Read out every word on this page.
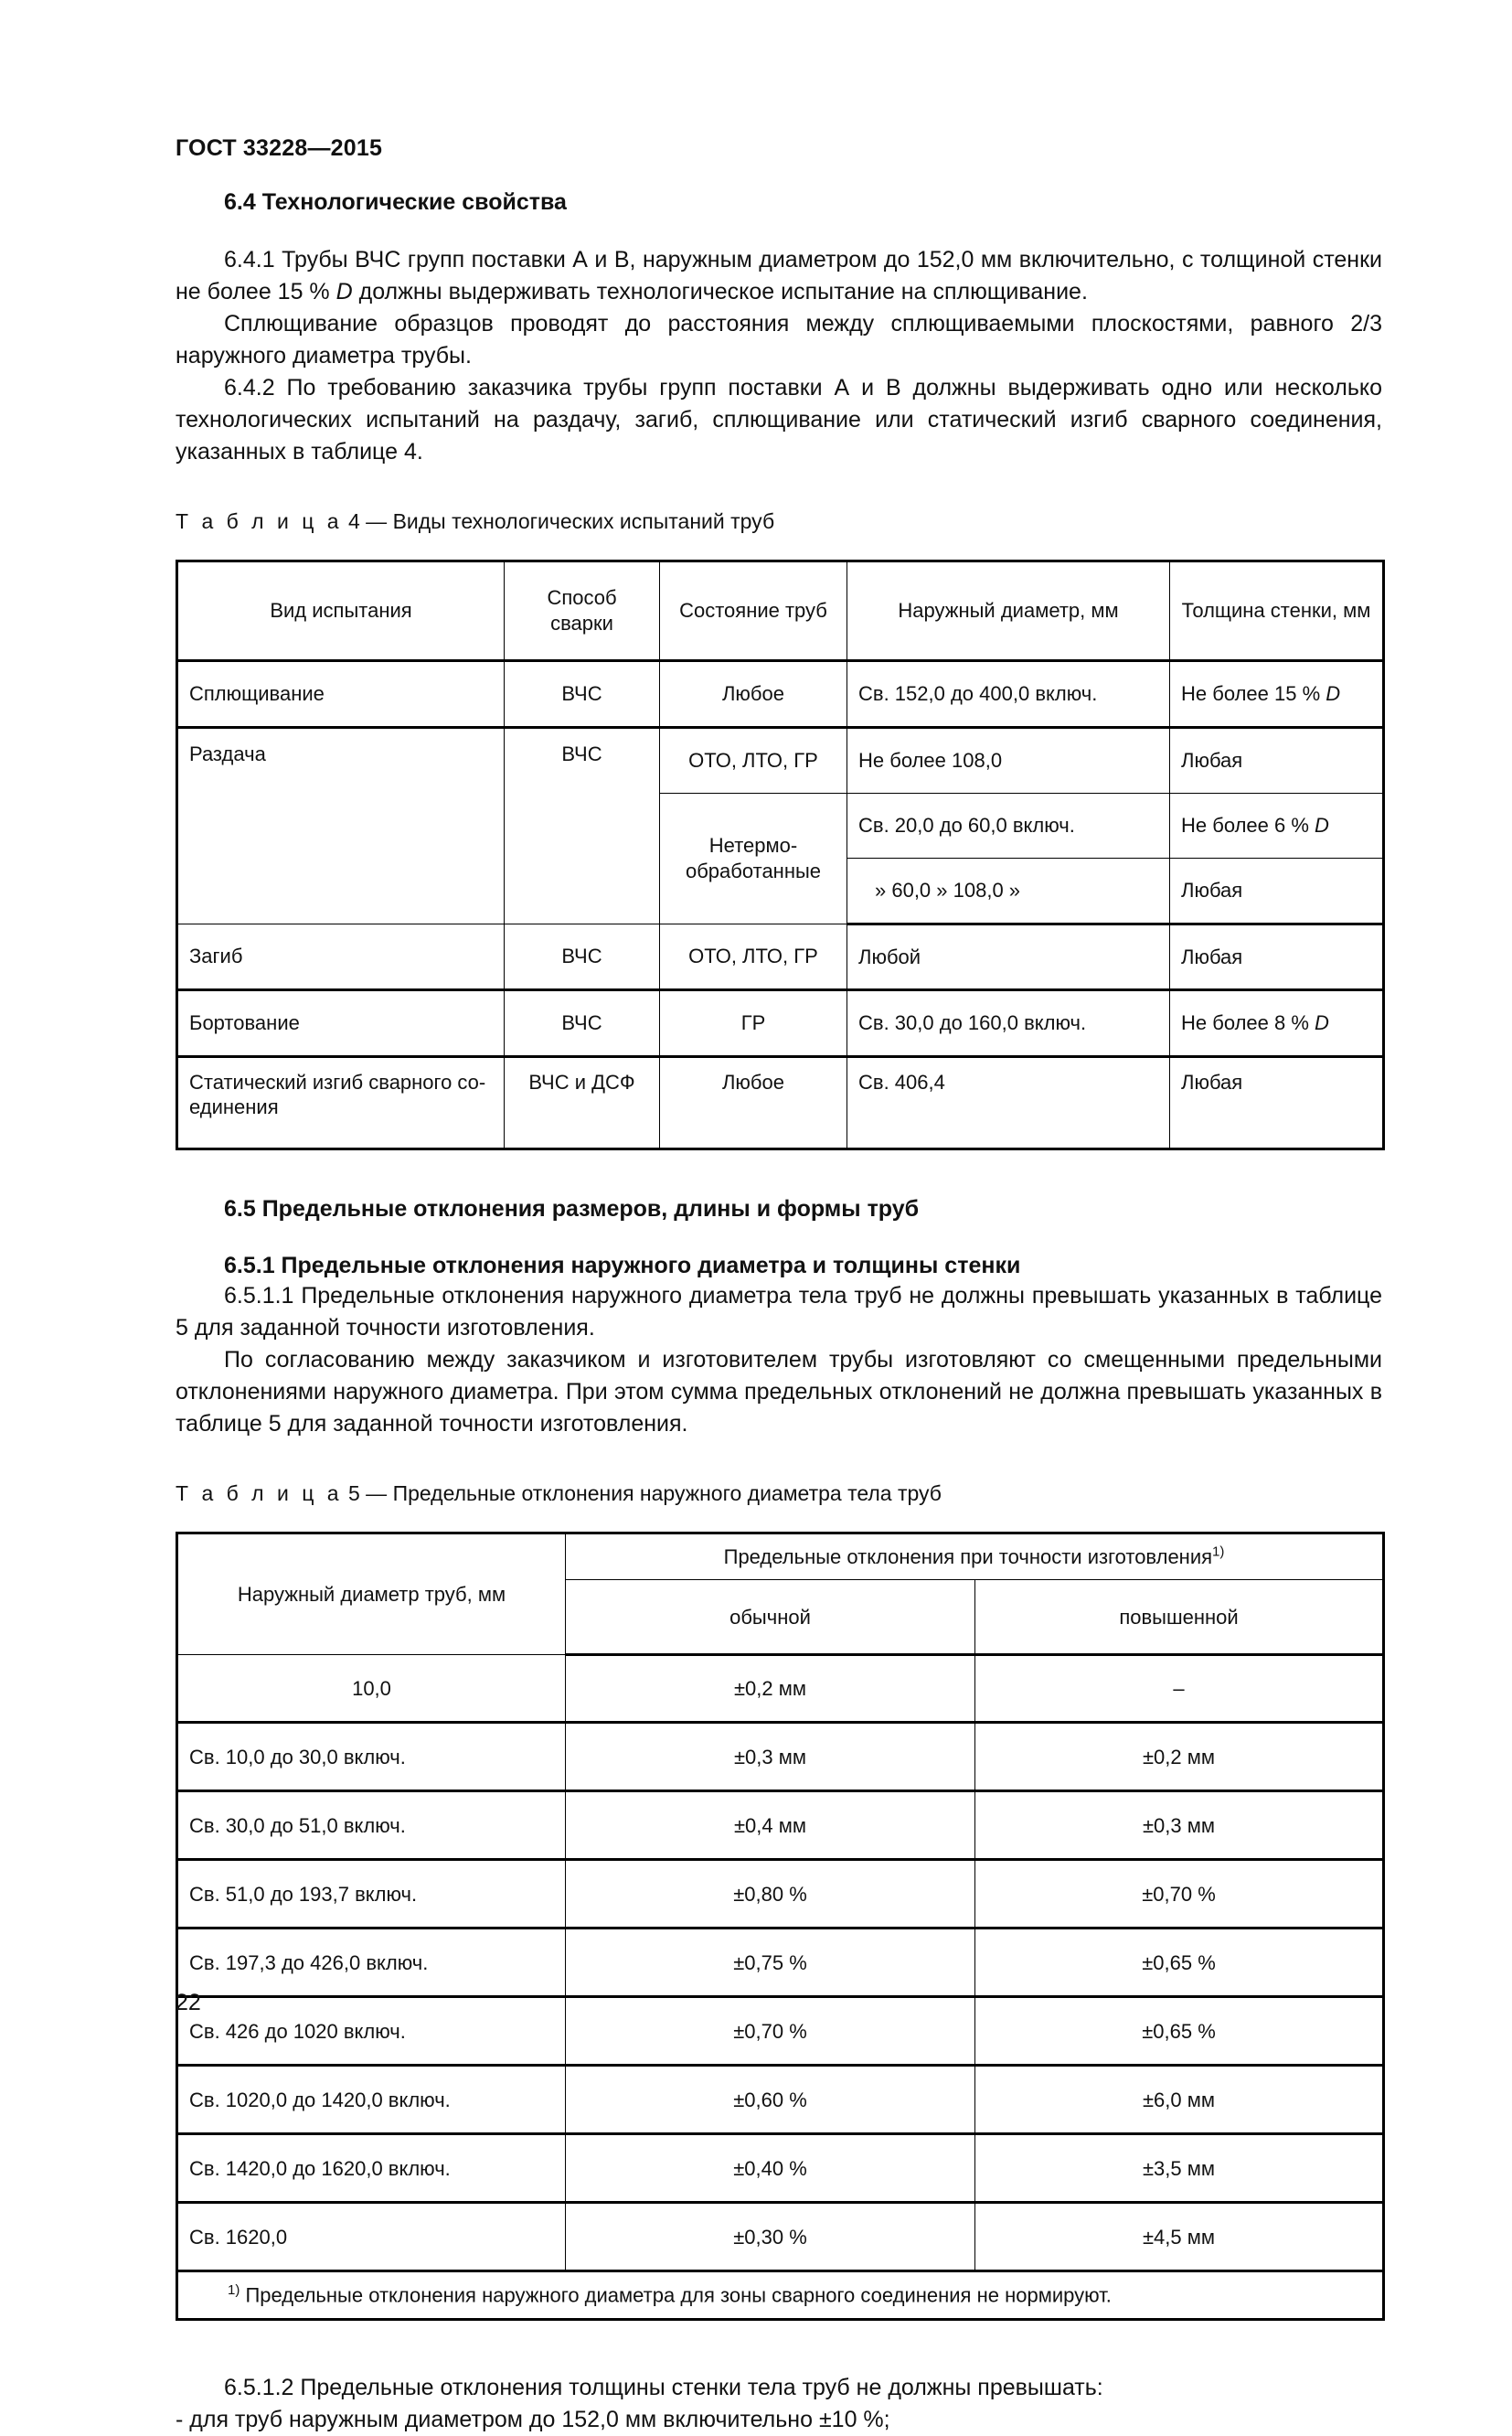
ГОСТ 33228—2015
6.4 Технологические свойства

6.4.1 Трубы ВЧС групп поставки А и В, наружным диаметром до 152,0 мм включительно, с толщиной стенки не более 15 % D должны выдерживать технологическое испытание на сплющивание.

Сплющивание образцов проводят до расстояния между сплющиваемыми плоскостями, равного 2/3 наружного диаметра трубы.

6.4.2 По требованию заказчика трубы групп поставки А и В должны выдерживать одно или несколько технологических испытаний на раздачу, загиб, сплющивание или статический изгиб сварного соединения, указанных в таблице 4.

Т а б л и ц а 4 — Виды технологических испытаний труб
Вид испытания	Способ сварки	Состояние труб	Наружный диаметр, мм	Толщина стенки, мм
Сплющивание	ВЧС	Любое	Св. 152,0 до 400,0 включ.	Не более 15 % D
Раздача	ВЧС	ОТО, ЛТО, ГР	Не более 108,0	Любая
		Нетермообработанные	Св. 20,0 до 60,0 включ.	Не более 6 % D
			» 60,0 » 108,0 »	Любая
Загиб	ВЧС	ОТО, ЛТО, ГР	Любой	Любая
Бортование	ВЧС	ГР	Св. 30,0 до 160,0 включ.	Не более 8 % D
Статический изгиб сварного соединения	ВЧС и ДСФ	Любое	Св. 406,4	Любая
6.5 Предельные отклонения размеров, длины и формы труб
6.5.1 Предельные отклонения наружного диаметра и толщины стенки

6.5.1.1 Предельные отклонения наружного диаметра тела труб не должны превышать указанных в таблице 5 для заданной точности изготовления.

По согласованию между заказчиком и изготовителем трубы изготовляют со смещенными предельными отклонениями наружного диаметра. При этом сумма предельных отклонений не должна превышать указанных в таблице 5 для заданной точности изготовления.

Т а б л и ц а 5 — Предельные отклонения наружного диаметра тела труб
Наружный диаметр труб, мм	Предельные отклонения при точности изготовления$^{1)}$
	обычной	повышенной
10,0	±0,2 мм	–
Св. 10,0 до 30,0 включ.	±0,3 мм	±0,2 мм
Св. 30,0 до 51,0 включ.	±0,4 мм	±0,3 мм
Св. 51,0 до 193,7 включ.	±0,80 %	±0,70 %
Св. 197,3 до 426,0 включ.	±0,75 %	±0,65 %
Св. 426 до 1020 включ.	±0,70 %	±0,65 %
Св. 1020,0 до 1420,0 включ.	±0,60 %	±6,0 мм
Св. 1420,0 до 1620,0 включ.	±0,40 %	±3,5 мм
Св. 1620,0	±0,30 %	±4,5 мм
$^{1)}$ Предельные отклонения наружного диаметра для зоны сварного соединения не нормируют.		

6.5.1.2 Предельные отклонения толщины стенки тела труб не должны превышать:

- для труб наружным диаметром до 152,0 мм включительно ±10 %;

22
